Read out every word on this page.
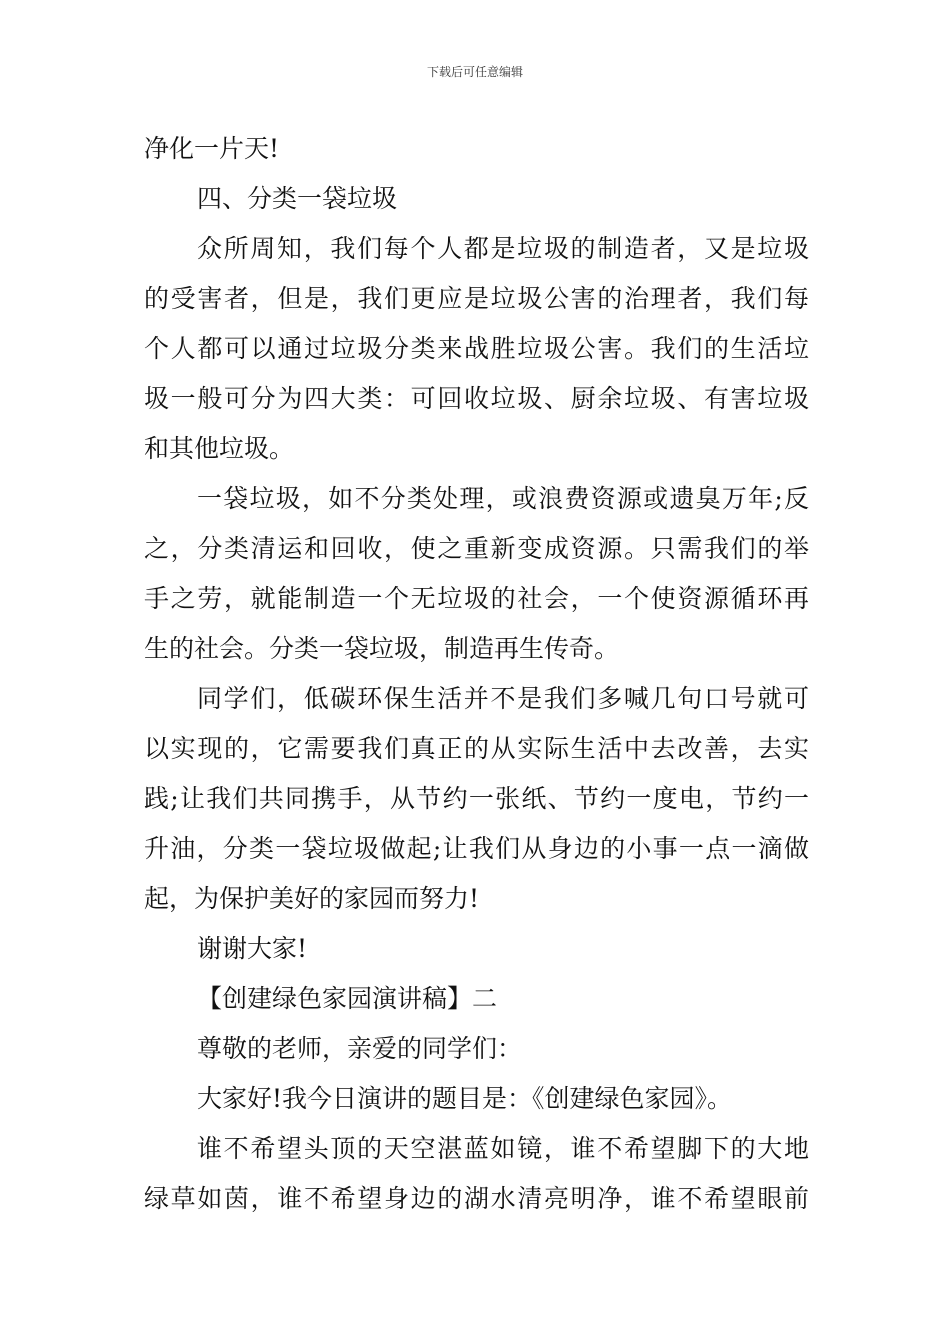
下载后可任意编辑
净化一片天!
四、分类一袋垃圾
众所周知，我们每个人都是垃圾的制造者，又是垃圾
的受害者，但是，我们更应是垃圾公害的治理者，我们每
个人都可以通过垃圾分类来战胜垃圾公害。我们的生活垃
圾一般可分为四大类：可回收垃圾、厨余垃圾、有害垃圾
和其他垃圾。
一袋垃圾，如不分类处理，或浪费资源或遗臭万年;反
之，分类清运和回收，使之重新变成资源。只需我们的举
手之劳，就能制造一个无垃圾的社会，一个使资源循环再
生的社会。分类一袋垃圾，制造再生传奇。
同学们，低碳环保生活并不是我们多喊几句口号就可
以实现的，它需要我们真正的从实际生活中去改善，去实
践;让我们共同携手，从节约一张纸、节约一度电，节约一
升油，分类一袋垃圾做起;让我们从身边的小事一点一滴做
起，为保护美好的家园而努力!
谢谢大家!
【创建绿色家园演讲稿】二
尊敬的老师，亲爱的同学们：
大家好!我今日演讲的题目是：《创建绿色家园》。
谁不希望头顶的天空湛蓝如镜，谁不希望脚下的大地
绿草如茵，谁不希望身边的湖水清亮明净，谁不希望眼前
